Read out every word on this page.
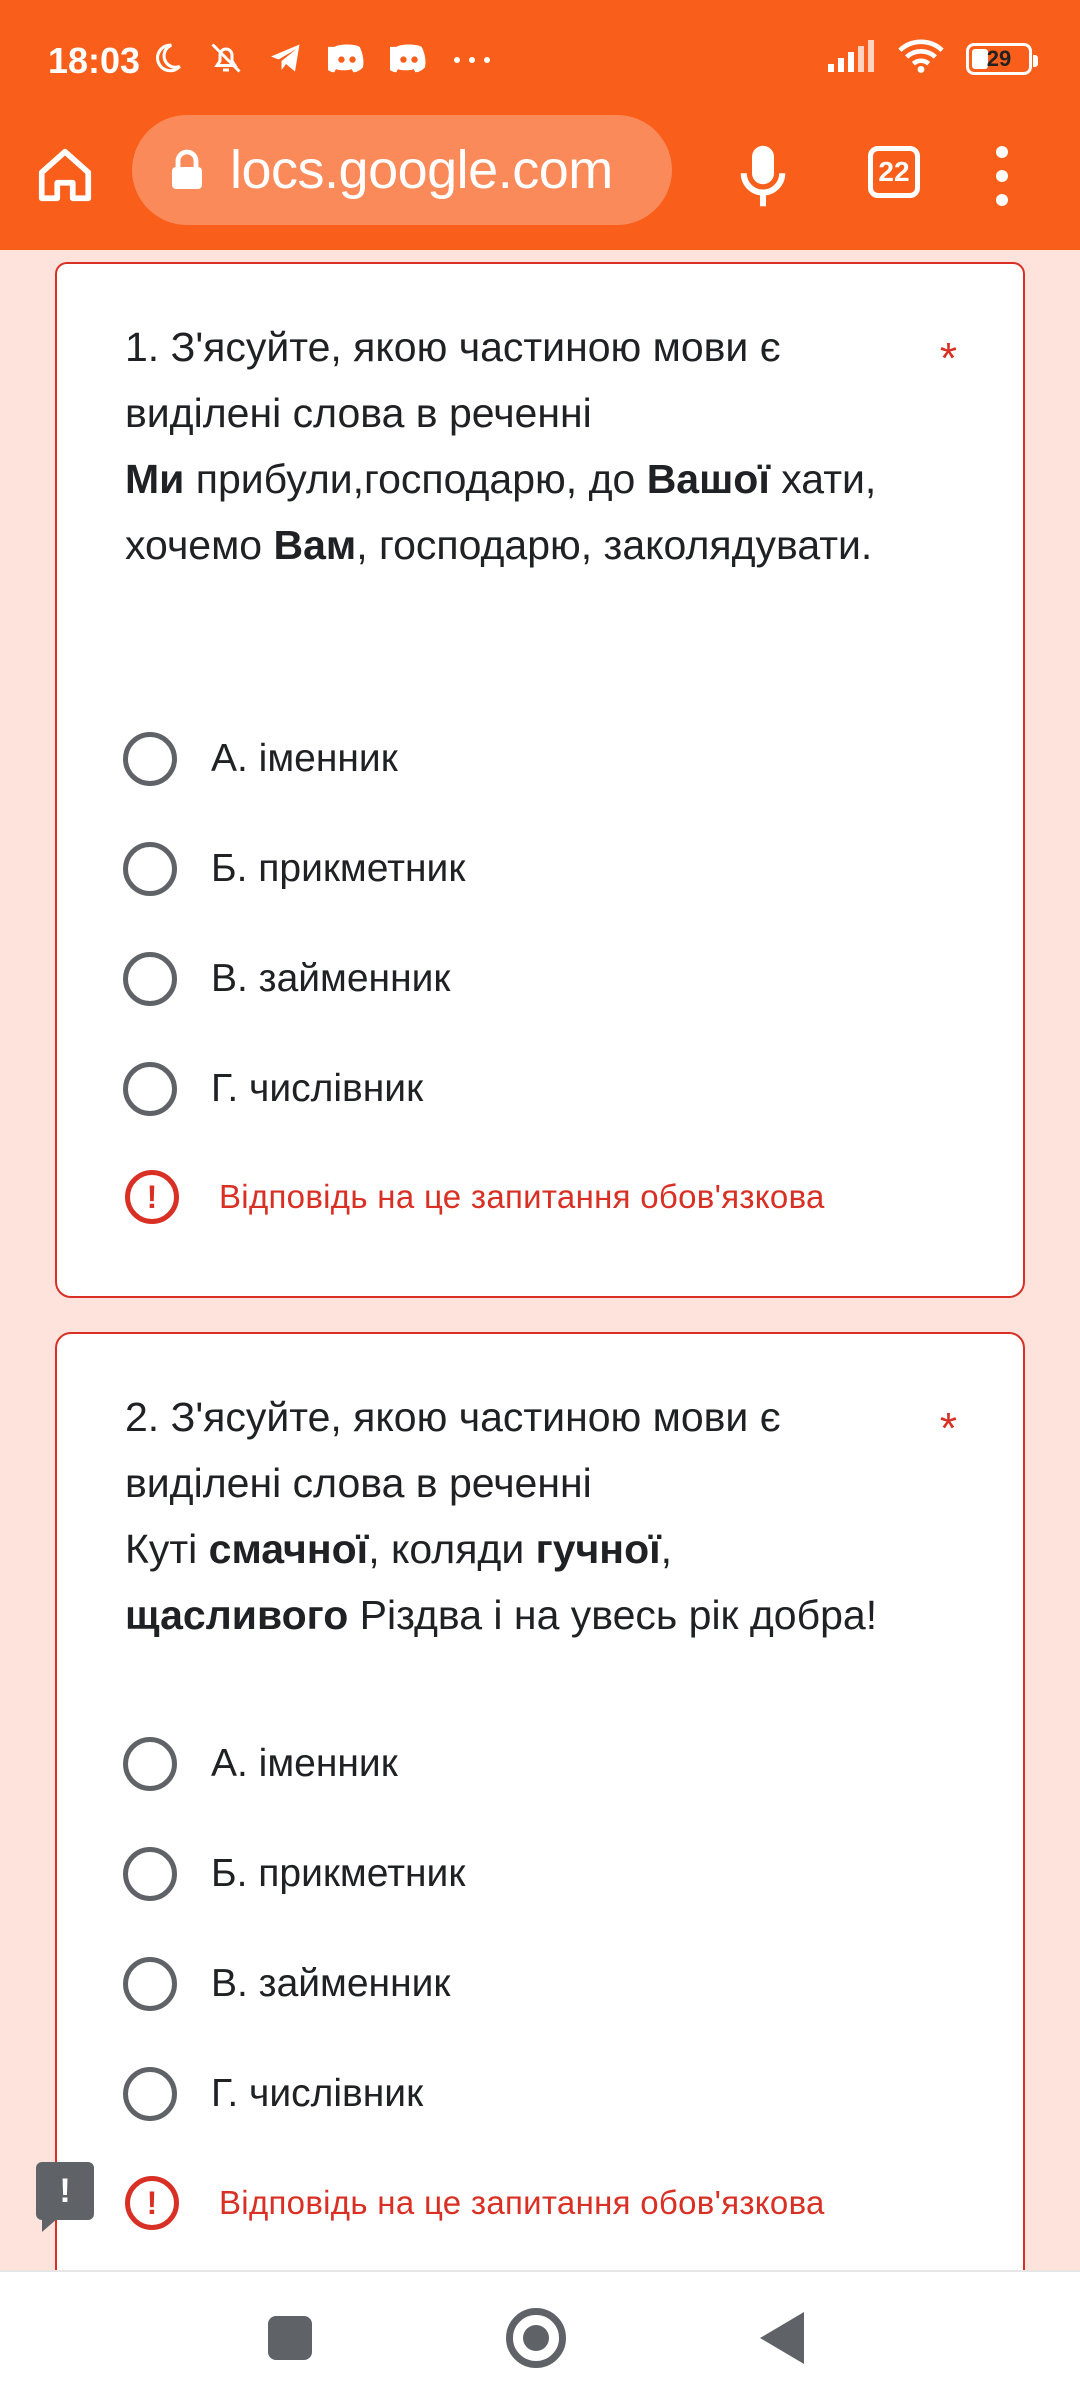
18:03	29
locs.google.com	22
1. З'ясуйте, якою частиною мови є виділені слова в реченні
Ми прибули,господарю, до Вашої хати, хочемо Вам, господарю, заколядувати.
*
А. іменник
Б. прикметник
В. займенник
Г. числівник
!	Відповідь на це запитання обов'язкова
2. З'ясуйте, якою частиною мови є виділені слова в реченні
Куті смачної, коляди гучної,
щасливого Різдва і на увесь рік добра!
*
А. іменник
Б. прикметник
В. займенник
Г. числівник
!	Відповідь на це запитання обов'язкова
!
